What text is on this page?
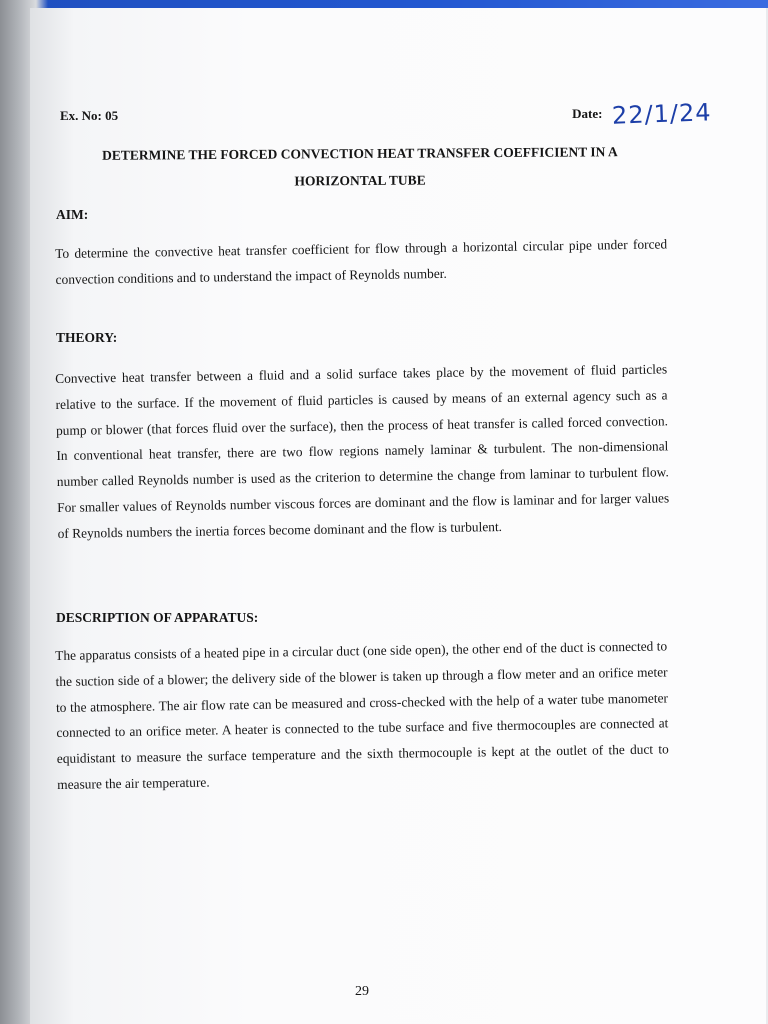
Ex. No: 05	Date: 22/1/24
DETERMINE THE FORCED CONVECTION HEAT TRANSFER COEFFICIENT IN A
HORIZONTAL TUBE
AIM:
To determine the convective heat transfer coefficient for flow through a horizontal circular pipe under forced convection conditions and to understand the impact of Reynolds number.
THEORY:
Convective heat transfer between a fluid and a solid surface takes place by the movement of fluid particles relative to the surface. If the movement of fluid particles is caused by means of an external agency such as a pump or blower (that forces fluid over the surface), then the process of heat transfer is called forced convection. In conventional heat transfer, there are two flow regions namely laminar & turbulent. The non-dimensional number called Reynolds number is used as the criterion to determine the change from laminar to turbulent flow. For smaller values of Reynolds number viscous forces are dominant and the flow is laminar and for larger values of Reynolds numbers the inertia forces become dominant and the flow is turbulent.
DESCRIPTION OF APPARATUS:
The apparatus consists of a heated pipe in a circular duct (one side open), the other end of the duct is connected to the suction side of a blower; the delivery side of the blower is taken up through a flow meter and an orifice meter to the atmosphere. The air flow rate can be measured and cross-checked with the help of a water tube manometer connected to an orifice meter. A heater is connected to the tube surface and five thermocouples are connected at equidistant to measure the surface temperature and the sixth thermocouple is kept at the outlet of the duct to measure the air temperature.
29
